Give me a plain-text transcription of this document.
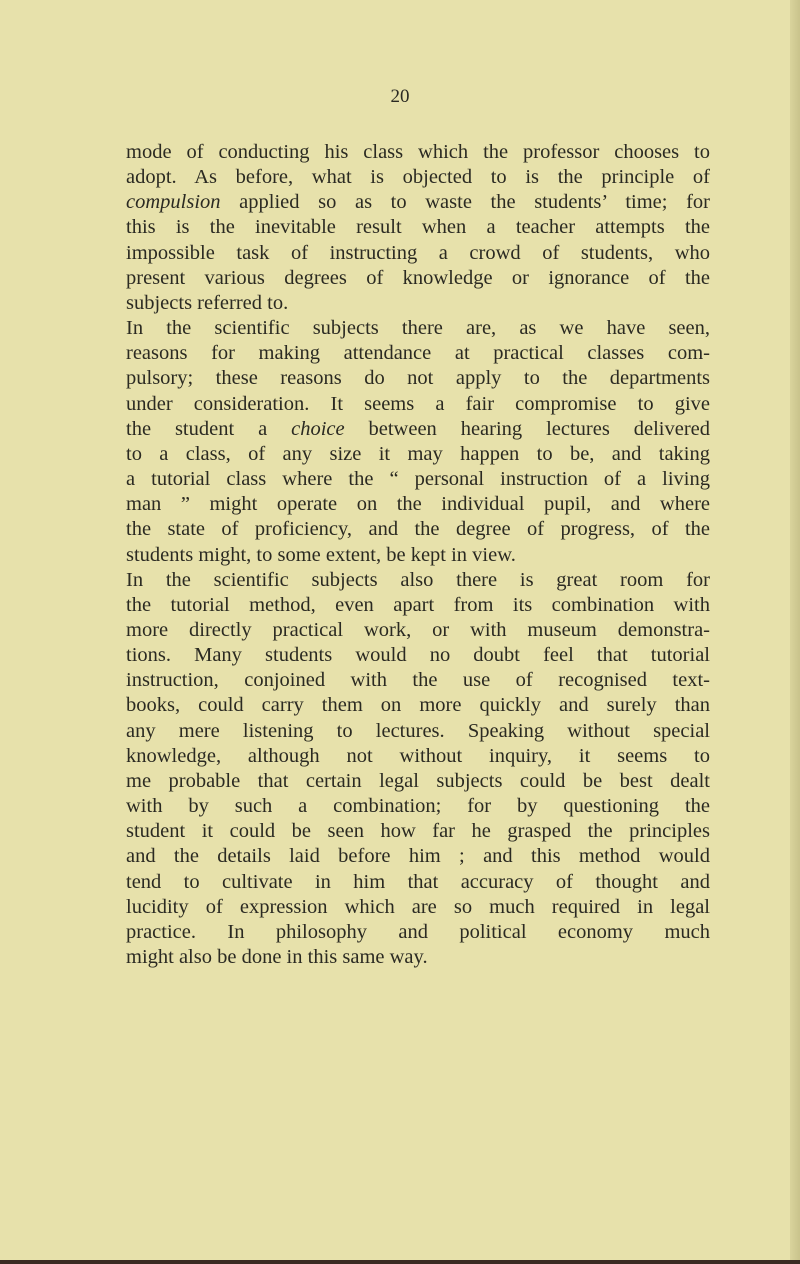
20
mode of conducting his class which the professor chooses to
adopt. As before, what is objected to is the principle of
compulsion applied so as to waste the students’ time; for
this is the inevitable result when a teacher attempts the
impossible task of instructing a crowd of students, who
present various degrees of knowledge or ignorance of the
subjects referred to.
In the scientific subjects there are, as we have seen,
reasons for making attendance at practical classes com-
pulsory; these reasons do not apply to the departments
under consideration. It seems a fair compromise to give
the student a choice between hearing lectures delivered
to a class, of any size it may happen to be, and taking
a tutorial class where the “ personal instruction of a living
man ” might operate on the individual pupil, and where
the state of proficiency, and the degree of progress, of the
students might, to some extent, be kept in view.
In the scientific subjects also there is great room for
the tutorial method, even apart from its combination with
more directly practical work, or with museum demonstra-
tions. Many students would no doubt feel that tutorial
instruction, conjoined with the use of recognised text-
books, could carry them on more quickly and surely than
any mere listening to lectures. Speaking without special
knowledge, although not without inquiry, it seems to
me probable that certain legal subjects could be best dealt
with by such a combination; for by questioning the
student it could be seen how far he grasped the principles
and the details laid before him ; and this method would
tend to cultivate in him that accuracy of thought and
lucidity of expression which are so much required in legal
practice. In philosophy and political economy much
might also be done in this same way.
